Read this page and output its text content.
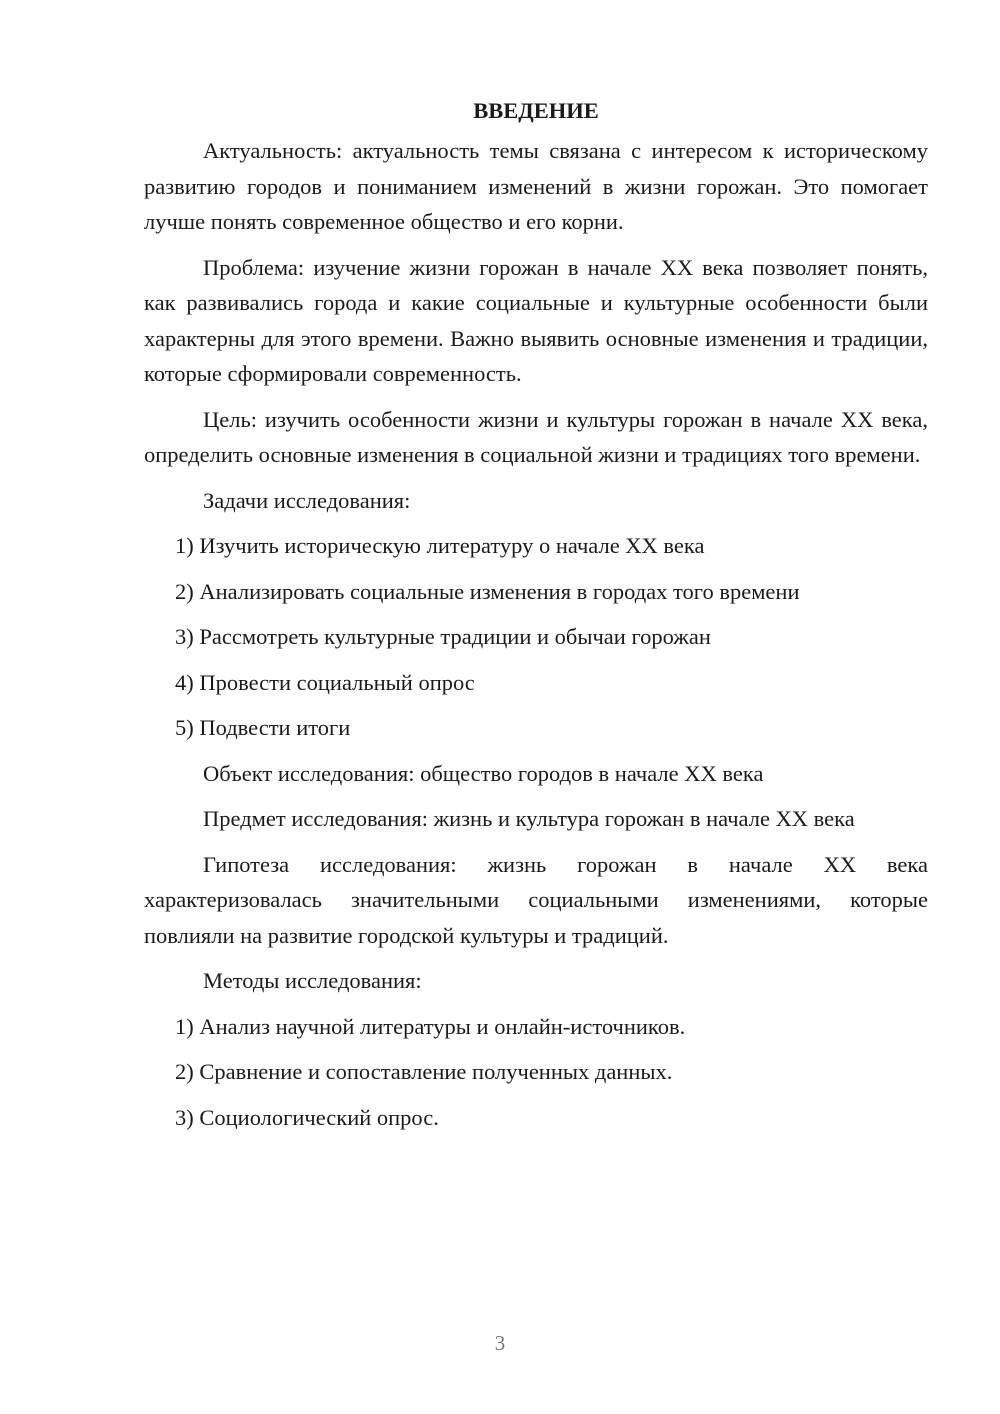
ВВЕДЕНИЕ
Актуальность: актуальность темы связана с интересом к историческому развитию городов и пониманием изменений в жизни горожан. Это помогает лучше понять современное общество и его корни.
Проблема: изучение жизни горожан в начале XX века позволяет понять, как развивались города и какие социальные и культурные особенности были характерны для этого времени. Важно выявить основные изменения и традиции, которые сформировали современность.
Цель: изучить особенности жизни и культуры горожан в начале XX века, определить основные изменения в социальной жизни и традициях того времени.
Задачи исследования:
1) Изучить историческую литературу о начале XX века
2) Анализировать социальные изменения в городах того времени
3) Рассмотреть культурные традиции и обычаи горожан
4) Провести социальный опрос
5) Подвести итоги
Объект исследования: общество городов в начале XX века
Предмет исследования: жизнь и культура горожан в начале XX века
Гипотеза исследования: жизнь горожан в начале XX века характеризовалась значительными социальными изменениями, которые повлияли на развитие городской культуры и традиций.
Методы исследования:
1) Анализ научной литературы и онлайн-источников.
2) Сравнение и сопоставление полученных данных.
3) Социологический опрос.
3
